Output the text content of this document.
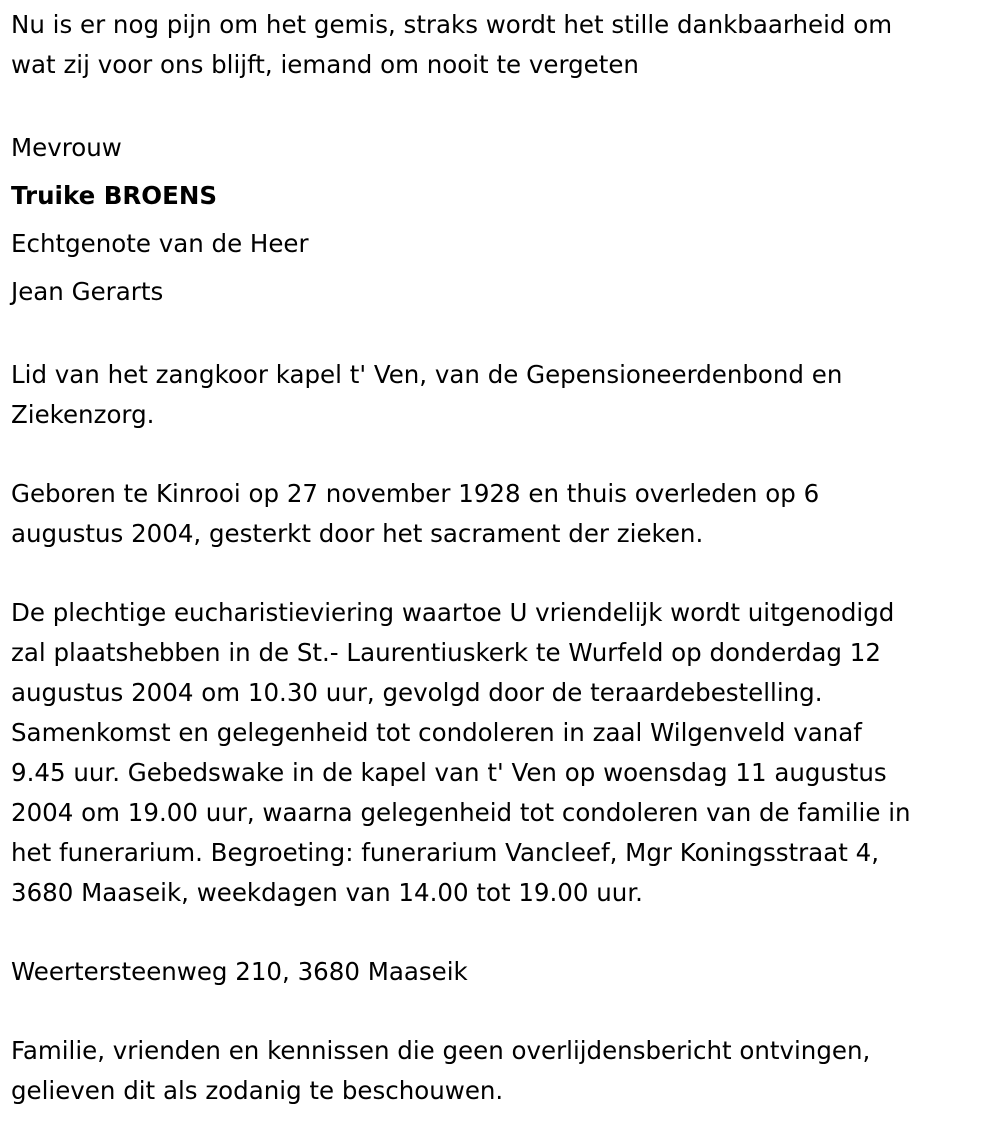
Nu is er nog pijn om het gemis, straks wordt het stille dankbaarheid om

wat zij voor ons blijft, iemand om nooit te vergeten

Mevrouw

Truike BROENS

Echtgenote van de Heer

Jean Gerarts

Lid van het zangkoor kapel t' Ven, van de Gepensioneerdenbond en

Ziekenzorg.

Geboren te Kinrooi op 27 november 1928 en thuis overleden op 6

augustus 2004, gesterkt door het sacrament der zieken.

De plechtige eucharistieviering waartoe U vriendelijk wordt uitgenodigd

zal plaatshebben in de St.- Laurentiuskerk te Wurfeld op donderdag 12

augustus 2004 om 10.30 uur, gevolgd door de teraardebestelling.

Samenkomst en gelegenheid tot condoleren in zaal Wilgenveld vanaf

9.45 uur. Gebedswake in de kapel van t' Ven op woensdag 11 augustus

2004 om 19.00 uur, waarna gelegenheid tot condoleren van de familie in

het funerarium. Begroeting: funerarium Vancleef, Mgr Koningsstraat 4,

3680 Maaseik, weekdagen van 14.00 tot 19.00 uur.

Weertersteenweg 210, 3680 Maaseik

Familie, vrienden en kennissen die geen overlijdensbericht ontvingen,

gelieven dit als zodanig te beschouwen.
